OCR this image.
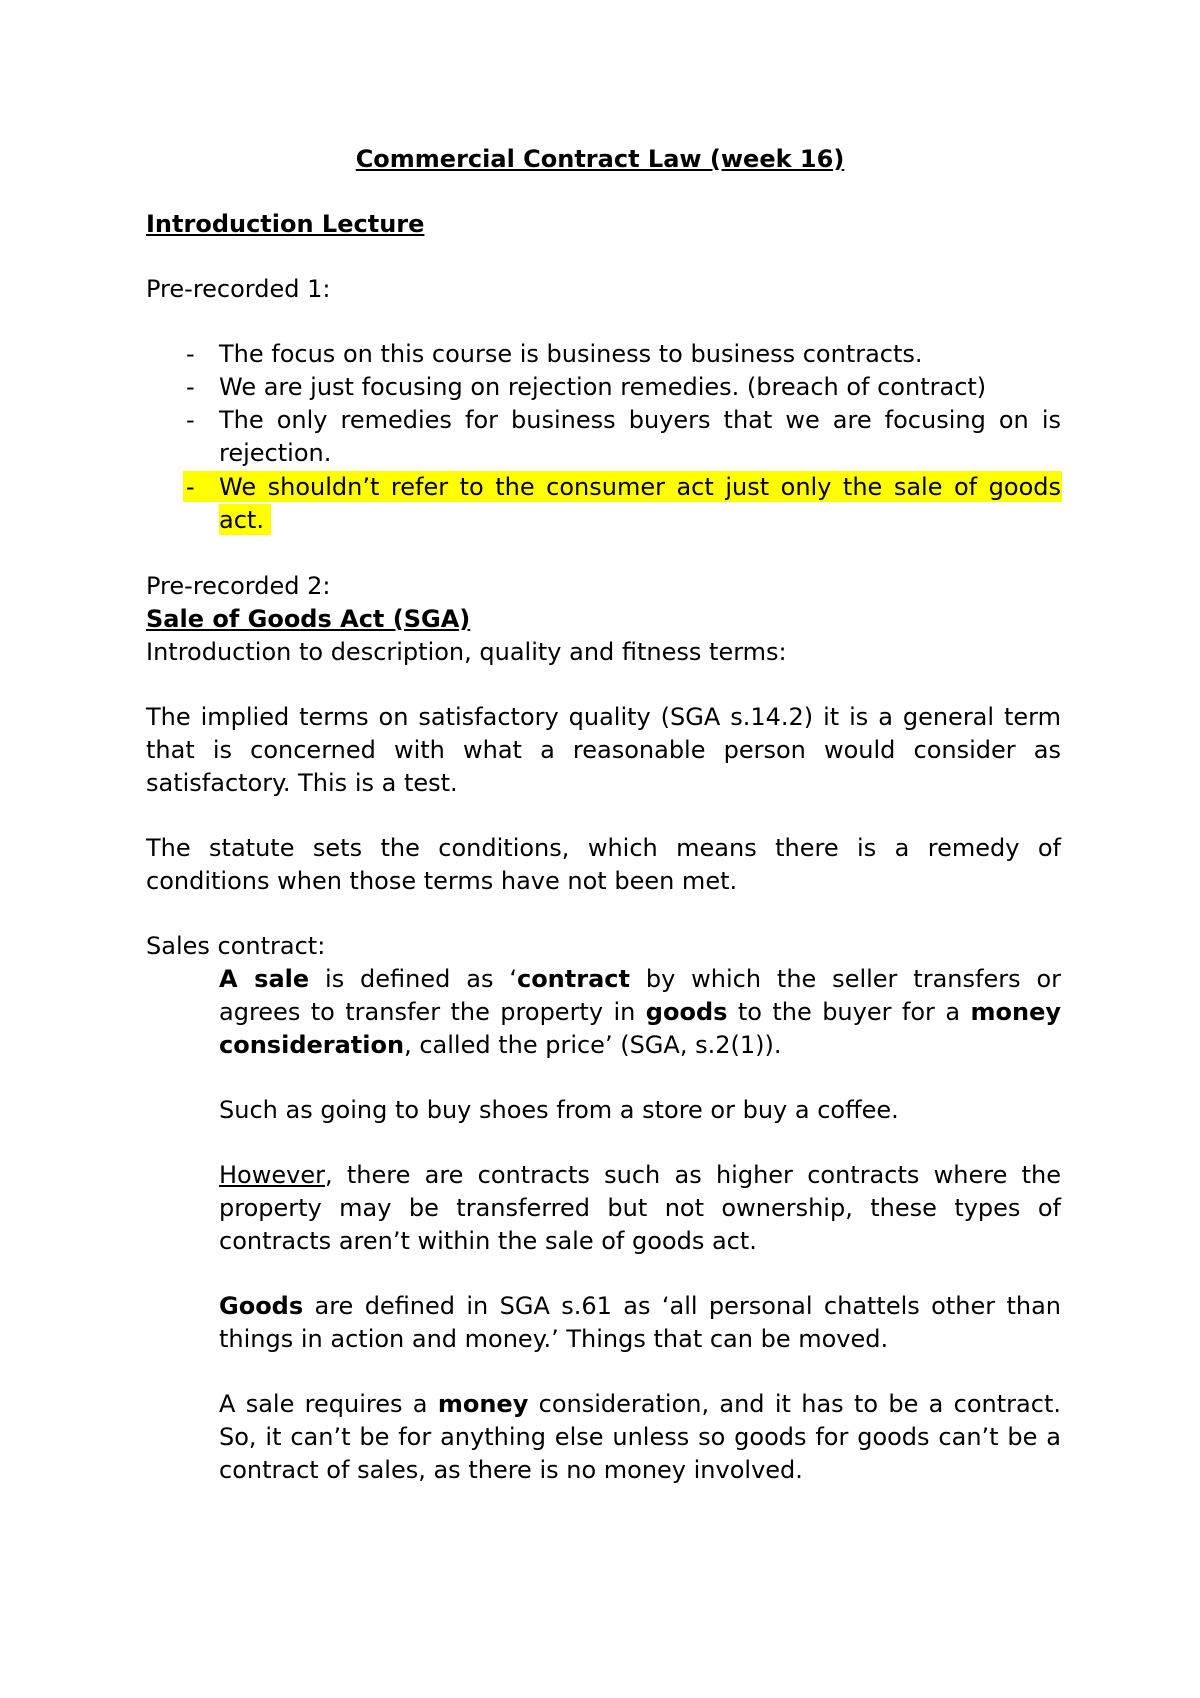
Commercial Contract Law (week 16)

Introduction Lecture

Pre-recorded 1:

- The focus on this course is business to business contracts.

- We are just focusing on rejection remedies. (breach of contract)

- The only remedies for business buyers that we are focusing on is

rejection.

- We shouldn’t refer to the consumer act just only the sale of goods

act.

Pre-recorded 2:

Sale of Goods Act (SGA)

Introduction to description, quality and fitness terms:

The implied terms on satisfactory quality (SGA s.14.2) it is a general term

that is concerned with what a reasonable person would consider as

satisfactory. This is a test.

The statute sets the conditions, which means there is a remedy of

conditions when those terms have not been met.

Sales contract:

A sale is defined as ‘contract by which the seller transfers or

agrees to transfer the property in goods to the buyer for a money

consideration, called the price’ (SGA, s.2(1)).

Such as going to buy shoes from a store or buy a coffee.

However, there are contracts such as higher contracts where the

property may be transferred but not ownership, these types of

contracts aren’t within the sale of goods act.

Goods are defined in SGA s.61 as ‘all personal chattels other than

things in action and money.’ Things that can be moved.

A sale requires a money consideration, and it has to be a contract.

So, it can’t be for anything else unless so goods for goods can’t be a

contract of sales, as there is no money involved.
